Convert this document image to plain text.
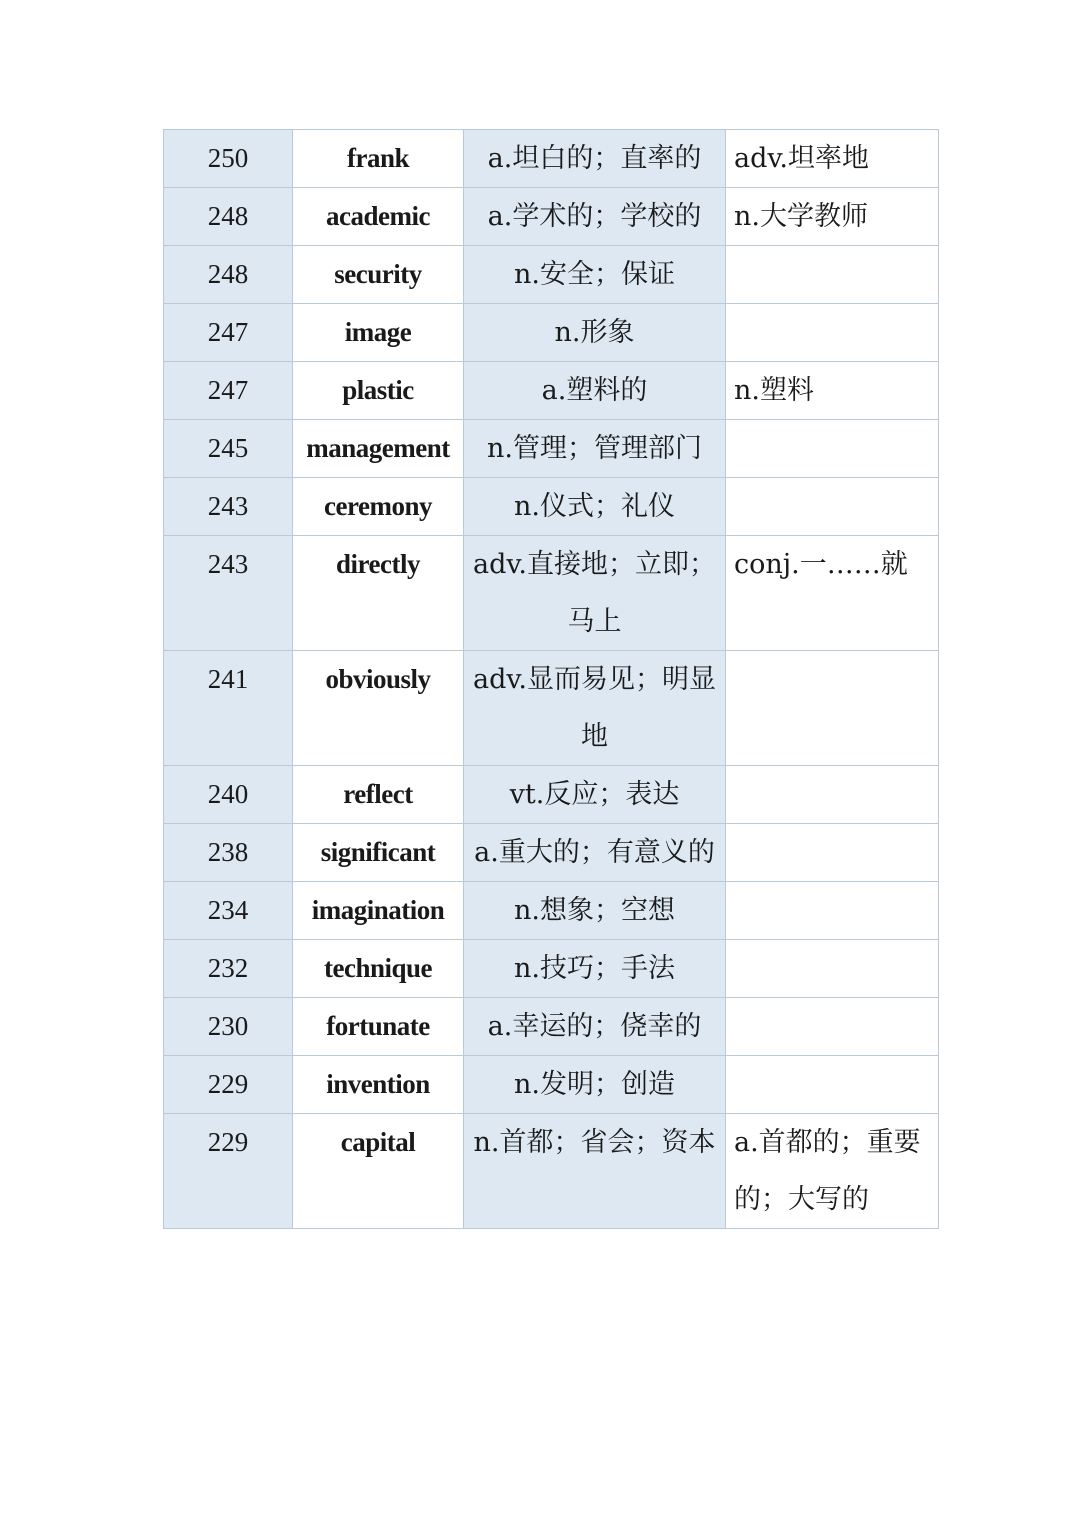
250	frank	a.坦白的；直率的	adv.坦率地
248	academic	a.学术的；学校的	n.大学教师
248	security	n.安全；保证	
247	image	n.形象	
247	plastic	a.塑料的	n.塑料
245	management	n.管理；管理部门	
243	ceremony	n.仪式；礼仪	
243	directly	adv.直接地；立即；马上	conj.一……就
241	obviously	adv.显而易见；明显地	
240	reflect	vt.反应；表达	
238	significant	a.重大的；有意义的	
234	imagination	n.想象；空想	
232	technique	n.技巧；手法	
230	fortunate	a.幸运的；侥幸的	
229	invention	n.发明；创造	
229	capital	n.首都；省会；资本	a.首都的；重要的；大写的
